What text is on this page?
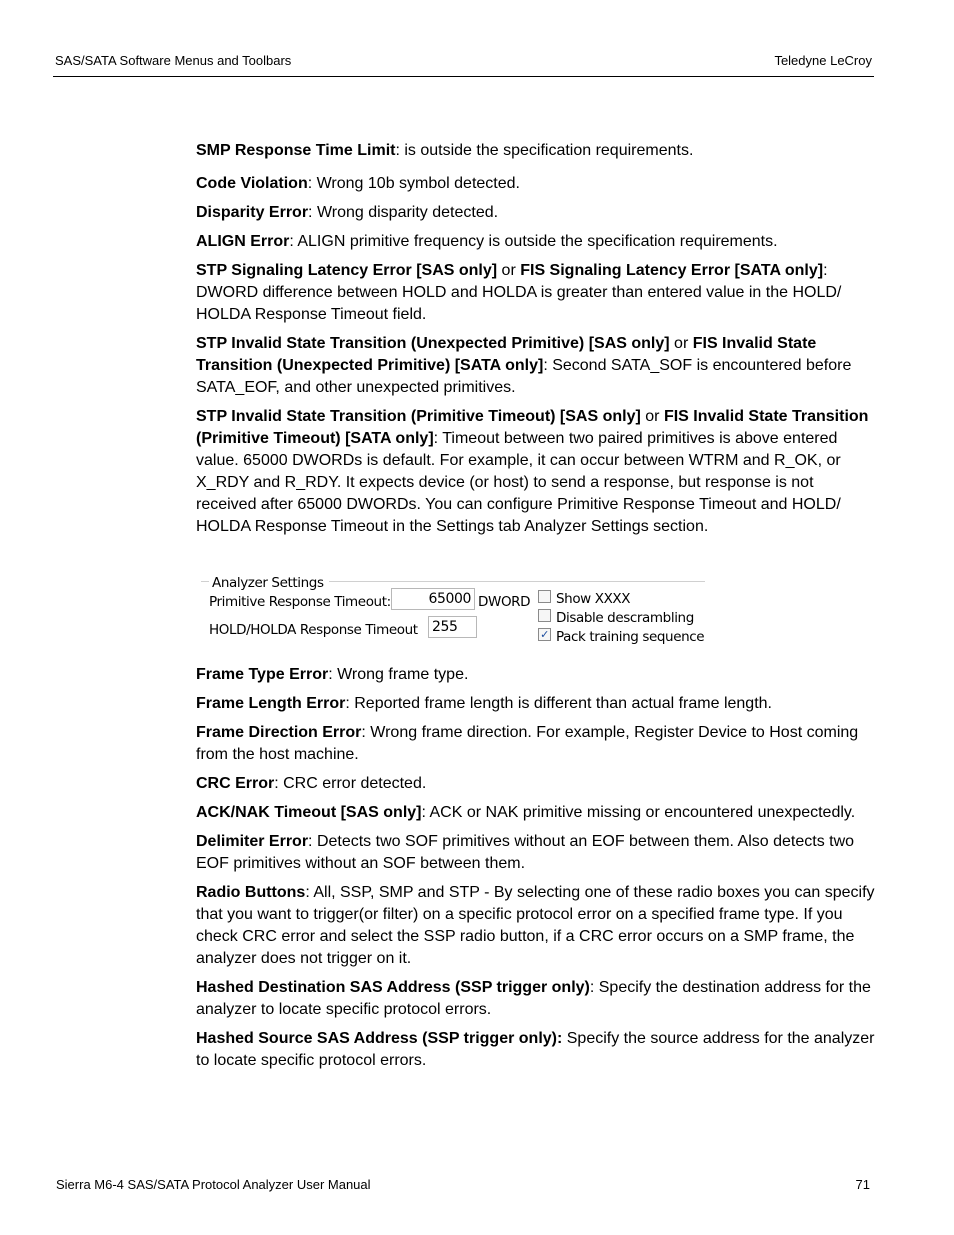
SAS/SATA Software Menus and Toolbars	Teledyne LeCroy

SMP Response Time Limit: is outside the specification requirements.

Code Violation: Wrong 10b symbol detected.

Disparity Error: Wrong disparity detected.

ALIGN Error: ALIGN primitive frequency is outside the specification requirements.

STP Signaling Latency Error [SAS only] or FIS Signaling Latency Error [SATA only]: DWORD difference between HOLD and HOLDA is greater than entered value in the HOLD/ HOLDA Response Timeout field.

STP Invalid State Transition (Unexpected Primitive) [SAS only] or FIS Invalid State Transition (Unexpected Primitive) [SATA only]: Second SATA_SOF is encountered before SATA_EOF, and other unexpected primitives.

STP Invalid State Transition (Primitive Timeout) [SAS only] or FIS Invalid State Transition (Primitive Timeout) [SATA only]: Timeout between two paired primitives is above entered value. 65000 DWORDs is default. For example, it can occur between WTRM and R_OK, or X_RDY and R_RDY. It expects device (or host) to send a response, but response is not received after 65000 DWORDs. You can configure Primitive Response Timeout and HOLD/ HOLDA Response Timeout in the Settings tab Analyzer Settings section.

Analyzer Settings
Primitive Response Timeout:	65000 DWORD
HOLD/HOLDA Response Timeout 255
Show XXXX
Disable descrambling
✓ Pack training sequence

Frame Type Error: Wrong frame type.

Frame Length Error: Reported frame length is different than actual frame length.

Frame Direction Error: Wrong frame direction. For example, Register Device to Host coming from the host machine.

CRC Error: CRC error detected.

ACK/NAK Timeout [SAS only]: ACK or NAK primitive missing or encountered unexpectedly.

Delimiter Error: Detects two SOF primitives without an EOF between them. Also detects two EOF primitives without an SOF between them.

Radio Buttons: All, SSP, SMP and STP - By selecting one of these radio boxes you can specify that you want to trigger(or filter) on a specific protocol error on a specified frame type. If you check CRC error and select the SSP radio button, if a CRC error occurs on a SMP frame, the analyzer does not trigger on it.

Hashed Destination SAS Address (SSP trigger only): Specify the destination address for the analyzer to locate specific protocol errors.

Hashed Source SAS Address (SSP trigger only): Specify the source address for the analyzer to locate specific protocol errors.

Sierra M6-4 SAS/SATA Protocol Analyzer User Manual	71
